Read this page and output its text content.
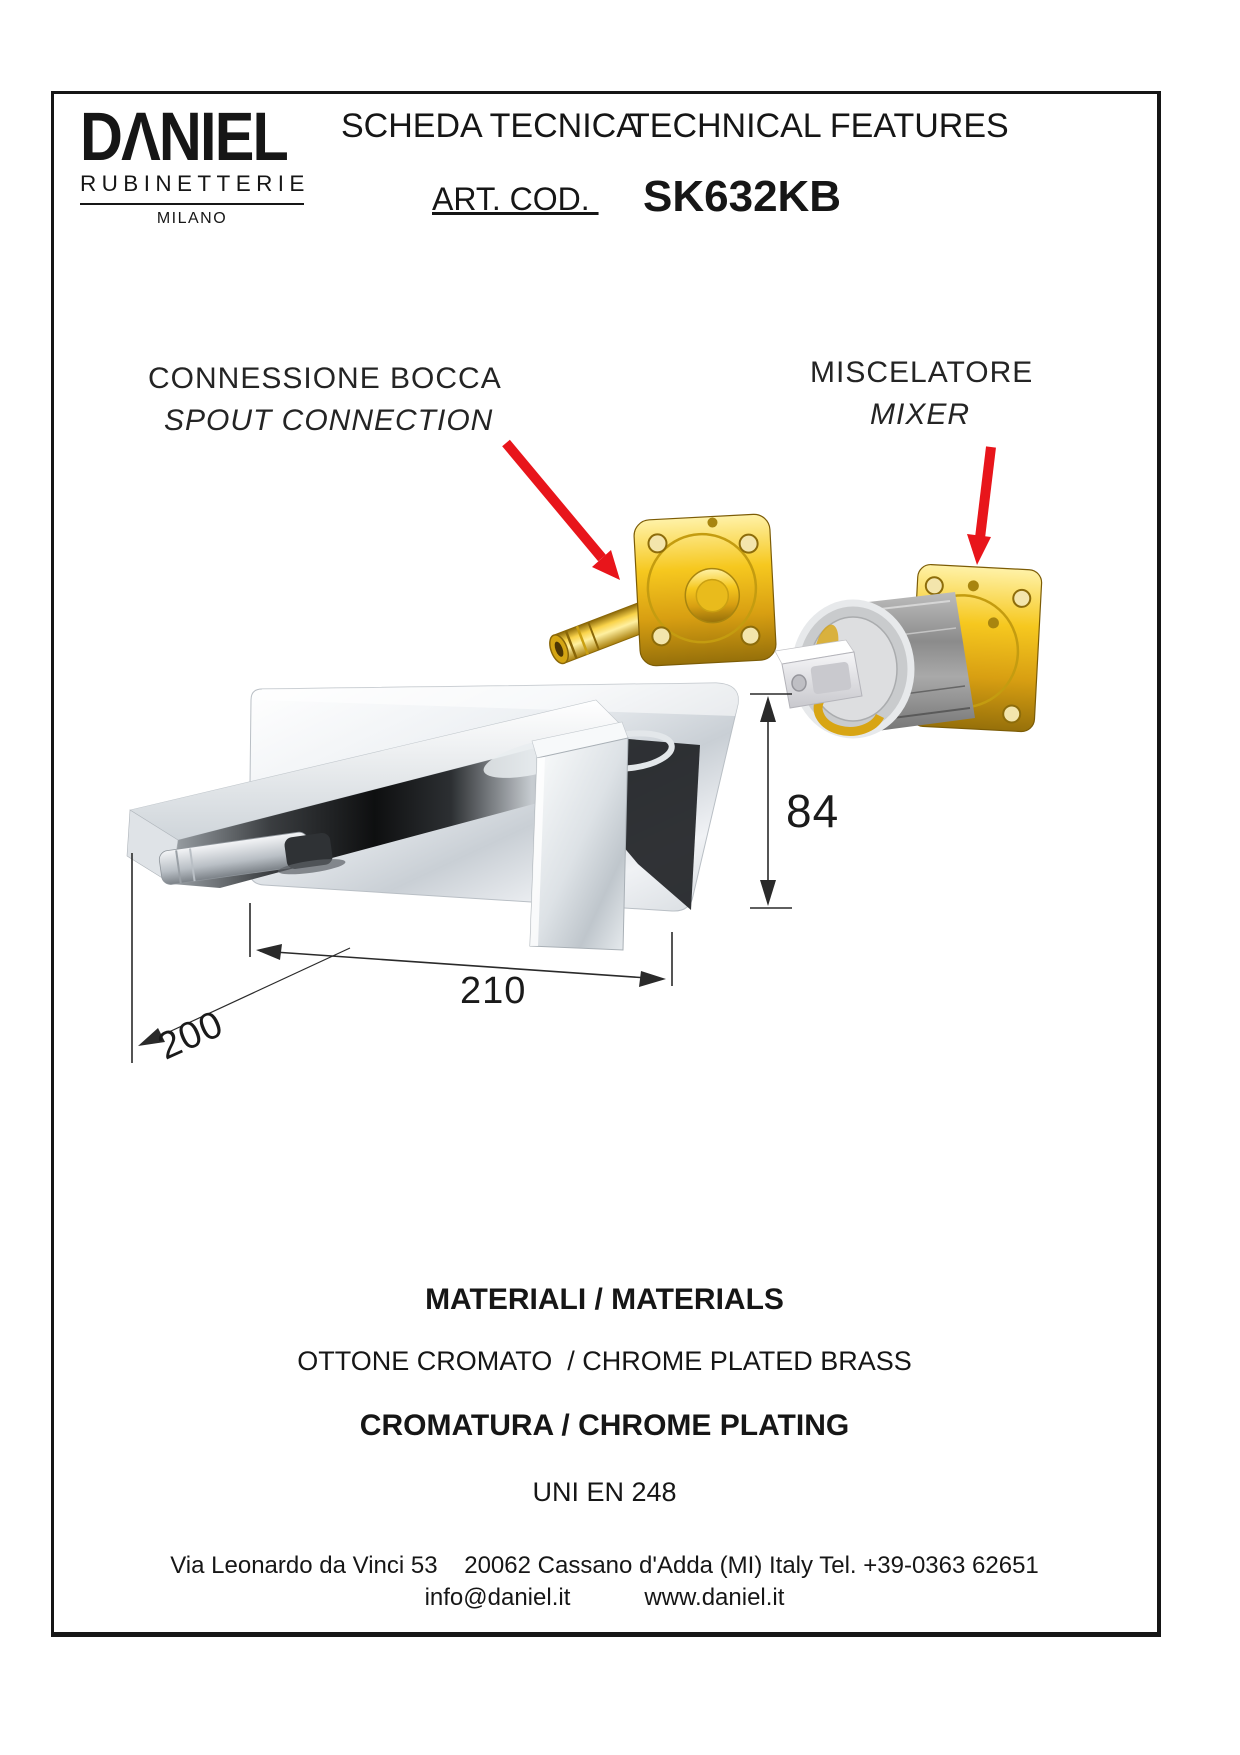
DΛNIEL
RUBINETTERIE
MILANO
SCHEDA TECNICA
TECHNICAL FEATURES
ART. COD. SK632KB
CONNESSIONE BOCCA
SPOUT CONNECTION
MISCELATORE
MIXER
84
210
200
MATERIALI / MATERIALS
OTTONE CROMATO  / CHROME PLATED BRASS
CROMATURA / CHROME PLATING
UNI EN 248
Via Leonardo da Vinci 53    20062 Cassano d'Adda (MI) Italy Tel. +39-0363 62651
info@daniel.it	www.daniel.it
